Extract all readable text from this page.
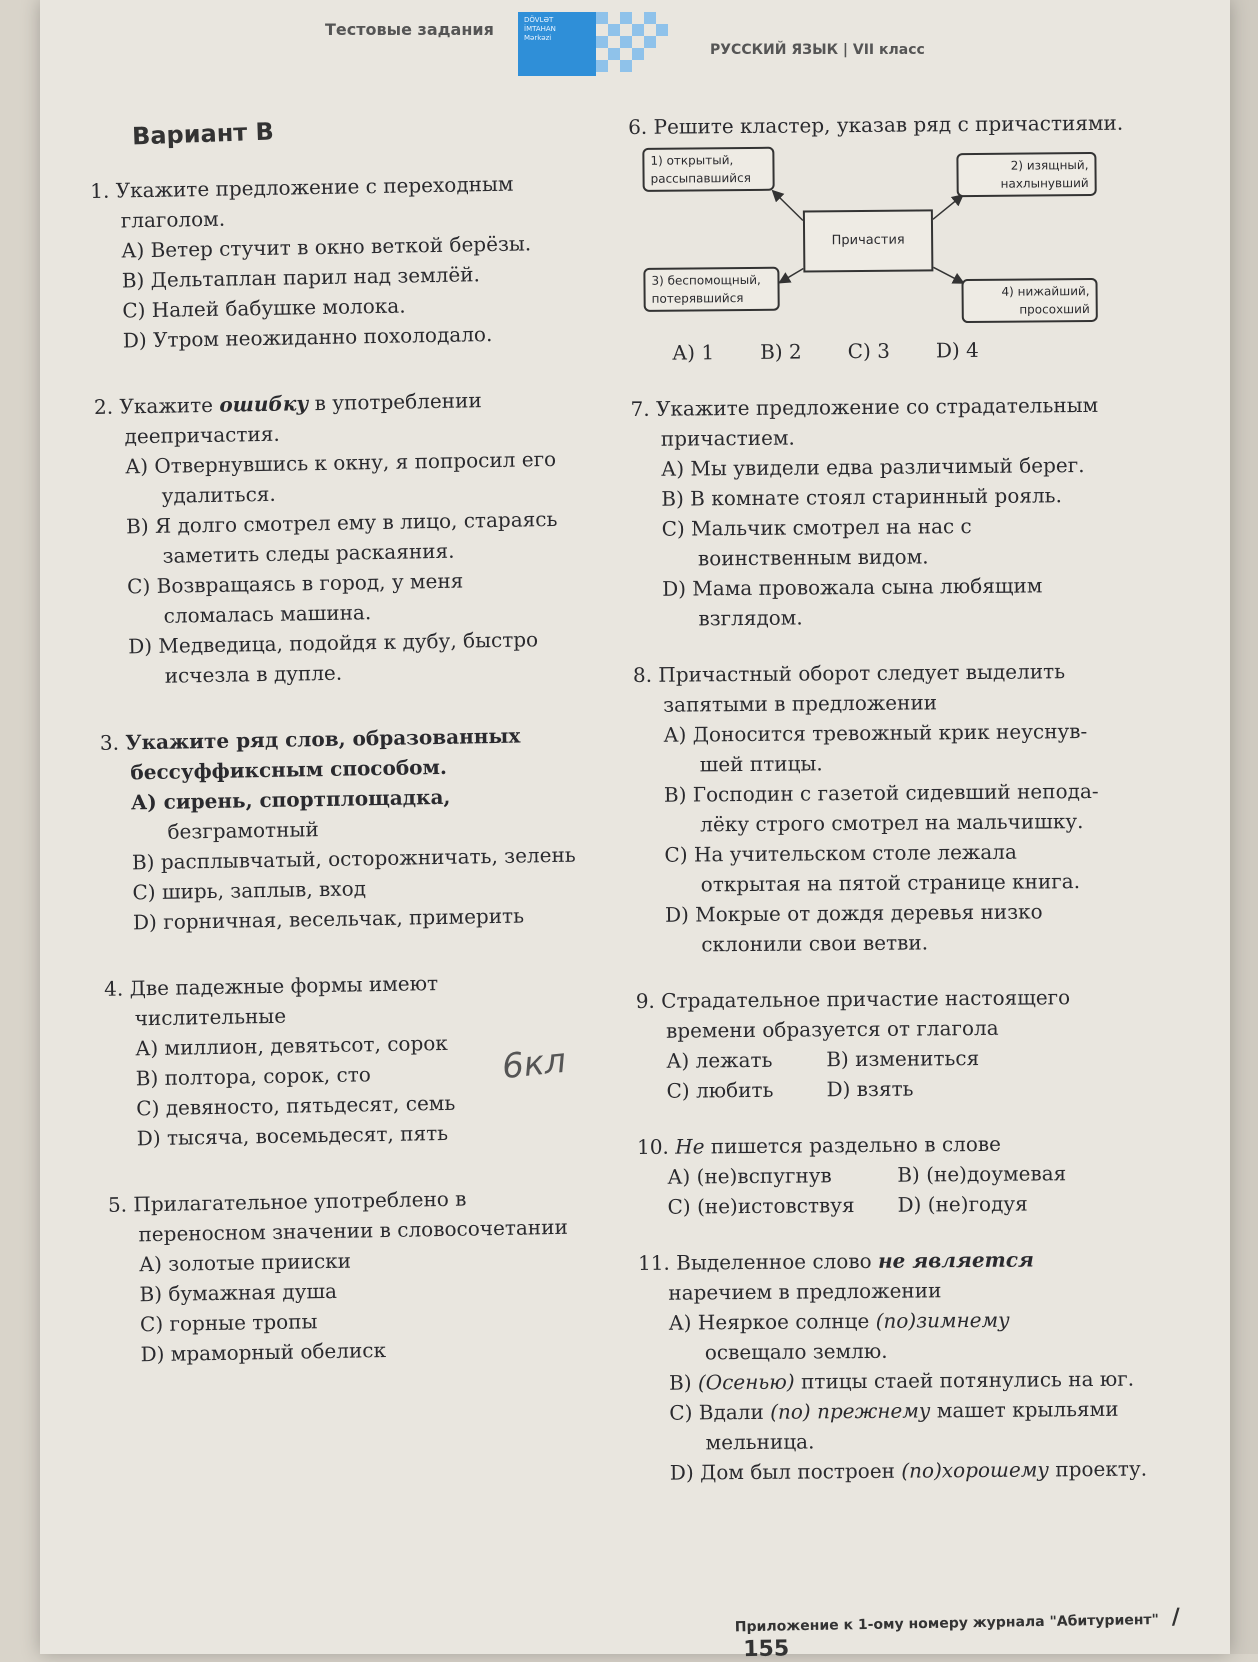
Тестовые задания	DÖVLƏT
İMTAHAN
Mərkəzi
РУССКИЙ ЯЗЫК | VII класс
Вариант В
1. Укажите предложение с переходным
глаголом.
А) Ветер стучит в окно веткой берёзы.
В) Дельтаплан парил над землёй.
С) Налей бабушке молока.
D) Утром неожиданно похолодало.
2. Укажите ошибку в употреблении
деепричастия.
А) Отвернувшись к окну, я попросил его
удалиться.
В) Я долго смотрел ему в лицо, стараясь
заметить следы раскаяния.
С) Возвращаясь в город, у меня
сломалась машина.
D) Медведица, подойдя к дубу, быстро
исчезла в дупле.
3. Укажите ряд слов, образованных
бессуффиксным способом.
А) сирень, спортплощадка,
безграмотный
В) расплывчатый, осторожничать, зелень
С) ширь, заплыв, вход
D) горничная, весельчак, примерить
4. Две падежные формы имеют
числительные
А) миллион, девятьсот, сорок
В) полтора, сорок, сто
С) девяносто, пятьдесят, семь
D) тысяча, восемьдесят, пять
5. Прилагательное употреблено в
переносном значении в словосочетании
А) золотые прииски
В) бумажная душа
С) горные тропы
D) мраморный обелиск
6кл
6. Решите кластер, указав ряд с причастиями.
1) открытый,
рассыпавшийся
2) изящный,
нахлынувший
Причастия
3) беспомощный,
потерявшийся	4) нижайший,
просохший
А) 1 В) 2 С) 3 D) 4
7. Укажите предложение со страдательным
причастием.
А) Мы увидели едва различимый берег.
В) В комнате стоял старинный рояль.
С) Мальчик смотрел на нас с
воинственным видом.
D) Мама провожала сына любящим
взглядом.
8. Причастный оборот следует выделить
запятыми в предложении
А) Доносится тревожный крик неуснув-
шей птицы.
В) Господин с газетой сидевший непода-
лёку строго смотрел на мальчишку.
С) На учительском столе лежала
открытая на пятой странице книга.
D) Мокрые от дождя деревья низко
склонили свои ветви.
9. Страдательное причастие настоящего
времени образуется от глагола
А) лежать	В) измениться
С) любить	D) взять
10. Не пишется раздельно в слове
А) (не)вспугнув	В) (не)доумевая
С) (не)истовствуя D) (не)годуя
11. Выделенное слово не является
наречием в предложении
А) Неяркое солнце (по)зимнему
освещало землю.
В) (Осенью) птицы стаей потянулись на юг.
С) Вдали (по) прежнему машет крыльями
мельница.
D) Дом был построен (по)хорошему проекту.
Приложение к 1-ому номеру журнала "Абитуриент" / 155
